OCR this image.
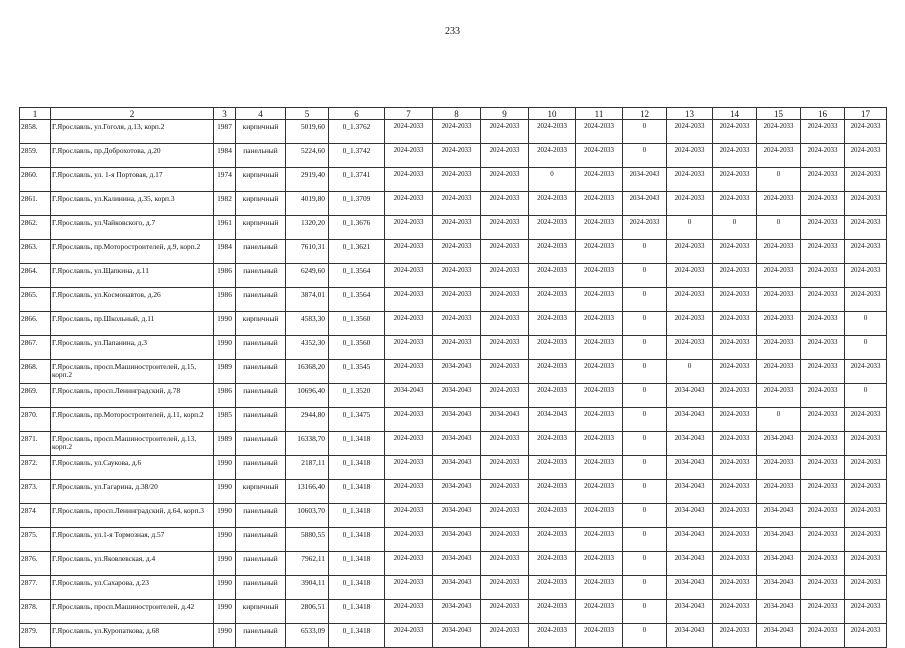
233
1	2	3	4	5	6	7	8	9	10	11	12	13	14	15	16	17
2858.	Г.Ярославль, ул.Гоголя, д.13, корп.2	1987	кирпичный	5019,60	0_1.3762	2024-2033	2024-2033	2024-2033	2024-2033	2024-2033	0	2024-2033	2024-2033	2024-2033	2024-2033	2024-2033
2859.	Г.Ярославль, пр.Доброхотова, д.20	1984	панельный	5224,60	0_1.3742	2024-2033	2024-2033	2024-2033	2024-2033	2024-2033	0	2024-2033	2024-2033	2024-2033	2024-2033	2024-2033
2860.	Г.Ярославль, ул. 1-я Портовая, д.17	1974	кирпичный	2919,40	0_1.3741	2024-2033	2024-2033	2024-2033	0	2024-2033	2034-2043	2024-2033	2024-2033	0	2024-2033	2024-2033
2861.	Г.Ярославль, ул.Калинина, д.35, корп.3	1982	кирпичный	4019,80	0_1.3709	2024-2033	2024-2033	2024-2033	2024-2033	2024-2033	2034-2043	2024-2033	2024-2033	2024-2033	2024-2033	2024-2033
2862.	Г.Ярославль, ул.Чайковского, д.7	1961	кирпичный	1320,20	0_1.3676	2024-2033	2024-2033	2024-2033	2024-2033	2024-2033	2024-2033	0	0	0	2024-2033	2024-2033
2863.	Г.Ярославль, пр.Моторостроителей, д.9, корп.2	1984	панельный	7610,31	0_1.3621	2024-2033	2024-2033	2024-2033	2024-2033	2024-2033	0	2024-2033	2024-2033	2024-2033	2024-2033	2024-2033
2864.	Г.Ярославль, ул.Щапкина, д.11	1986	панельный	6249,60	0_1.3564	2024-2033	2024-2033	2024-2033	2024-2033	2024-2033	0	2024-2033	2024-2033	2024-2033	2024-2033	2024-2033
2865.	Г.Ярославль, ул.Космонавтов, д.26	1986	панельный	3874,01	0_1.3564	2024-2033	2024-2033	2024-2033	2024-2033	2024-2033	0	2024-2033	2024-2033	2024-2033	2024-2033	2024-2033
2866.	Г.Ярославль, пр.Школьный, д.11	1990	кирпичный	4583,30	0_1.3560	2024-2033	2024-2033	2024-2033	2024-2033	2024-2033	0	2024-2033	2024-2033	2024-2033	2024-2033	0
2867.	Г.Ярославль, ул.Папанина, д.3	1990	панельный	4352,30	0_1.3560	2024-2033	2024-2033	2024-2033	2024-2033	2024-2033	0	2024-2033	2024-2033	2024-2033	2024-2033	0
2868.	Г.Ярославль, просп.Машиностроителей, д.15, корп.2	1989	панельный	16368,20	0_1.3545	2024-2033	2034-2043	2024-2033	2024-2033	2024-2033	0	0	2024-2033	2024-2033	2024-2033	2024-2033
2869.	Г.Ярославль, просп.Ленинградский, д.78	1986	панельный	10696,40	0_1.3520	2034-2043	2034-2043	2024-2033	2024-2033	2024-2033	0	2034-2043	2024-2033	2024-2033	2024-2033	0
2870.	Г.Ярославль, пр.Моторостроителей, д.11, корп.2	1985	панельный	2944,80	0_1.3475	2024-2033	2034-2043	2034-2043	2034-2043	2024-2033	0	2034-2043	2024-2033	0	2024-2033	2024-2033
2871.	Г.Ярославль, просп.Машиностроителей, д.13, корп.2	1989	панельный	16338,70	0_1.3418	2024-2033	2034-2043	2024-2033	2024-2033	2024-2033	0	2034-2043	2024-2033	2034-2043	2024-2033	2024-2033
2872.	Г.Ярославль, ул.Саукова, д.6	1990	панельный	2187,11	0_1.3418	2024-2033	2034-2043	2024-2033	2024-2033	2024-2033	0	2034-2043	2024-2033	2024-2033	2024-2033	2024-2033
2873.	Г.Ярославль, ул.Гагарина, д.38/20	1990	кирпичный	13166,40	0_1.3418	2024-2033	2034-2043	2024-2033	2024-2033	2024-2033	0	2034-2043	2024-2033	2024-2033	2024-2033	2024-2033
2874	Г.Ярославль, просп.Ленинградский, д.64, корп.3	1990	панельный	10603,70	0_1.3418	2024-2033	2034-2043	2024-2033	2024-2033	2024-2033	0	2034-2043	2024-2033	2034-2043	2024-2033	2024-2033
2875.	Г.Ярославль, ул.1-я Тормозная, д.57	1990	панельный	5880,55	0_1.3418	2024-2033	2034-2043	2024-2033	2024-2033	2024-2033	0	2034-2043	2024-2033	2034-2043	2024-2033	2024-2033
2876.	Г.Ярославль, ул.Яковлевская, д.4	1990	панельный	7962,11	0_1.3418	2024-2033	2034-2043	2024-2033	2024-2033	2024-2033	0	2034-2043	2024-2033	2034-2043	2024-2033	2024-2033
2877.	Г.Ярославль, ул.Сахарова, д.23	1990	панельный	3904,11	0_1.3418	2024-2033	2034-2043	2024-2033	2024-2033	2024-2033	0	2034-2043	2024-2033	2034-2043	2024-2033	2024-2033
2878.	Г.Ярославль, просп.Машиностроителей, д.42	1990	кирпичный	2806,51	0_1.3418	2024-2033	2034-2043	2024-2033	2024-2033	2024-2033	0	2034-2043	2024-2033	2034-2043	2024-2033	2024-2033
2879.	Г.Ярославль, ул.Куропаткова, д.68	1990	панельный	6533,09	0_1.3418	2024-2033	2034-2043	2024-2033	2024-2033	2024-2033	0	2034-2043	2024-2033	2034-2043	2024-2033	2024-2033
